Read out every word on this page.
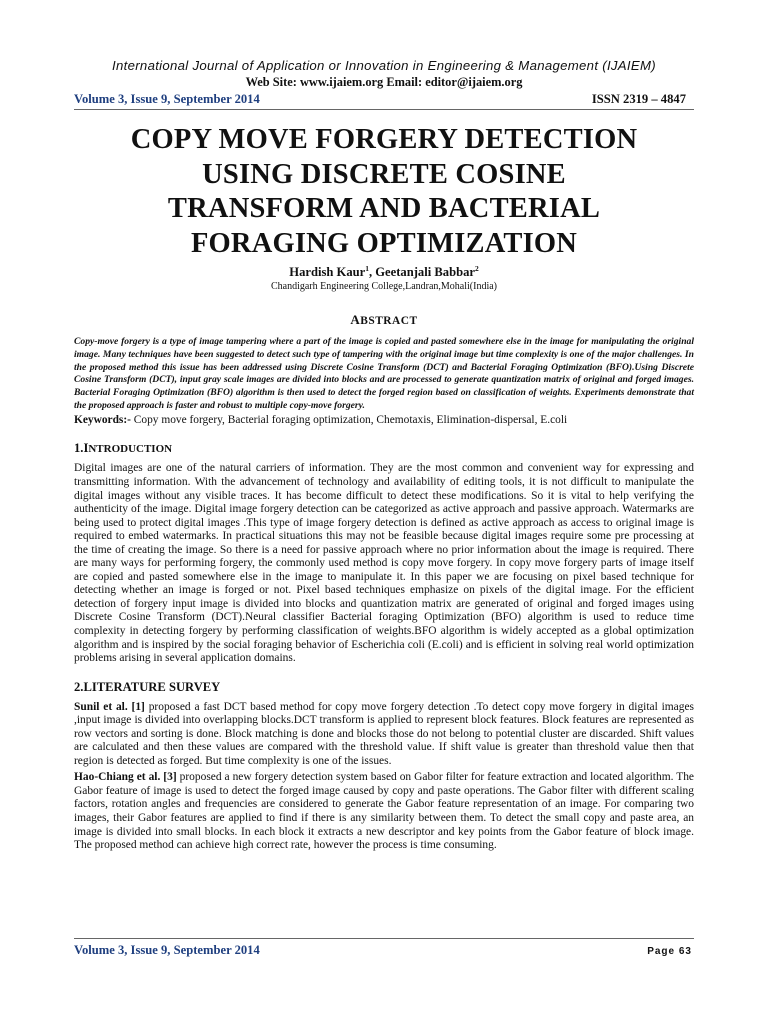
International Journal of Application or Innovation in Engineering & Management (IJAIEM)

Web Site: www.ijaiem.org Email: editor@ijaiem.org
Volume 3, Issue 9, September 2014	ISSN 2319 – 4847
COPY MOVE FORGERY DETECTION
USING DISCRETE COSINE
TRANSFORM AND BACTERIAL
FORAGING OPTIMIZATION
Hardish Kaur$^1$, Geetanjali Babbar$^2$
Chandigarh Engineering College,Landran,Mohali(India)
ABSTRACT
Copy-move forgery is a type of image tampering where a part of the image is copied and pasted somewhere else in the image for manipulating the original image. Many techniques have been suggested to detect such type of tampering with the original image but time complexity is one of the major challenges. In the proposed method this issue has been addressed using Discrete Cosine Transform (DCT) and Bacterial Foraging Optimization (BFO).Using Discrete Cosine Transform (DCT), input gray scale images are divided into blocks and are processed to generate quantization matrix of original and forged images. Bacterial Foraging Optimization (BFO) algorithm is then used to detect the forged region based on classification of weights. Experiments demonstrate that the proposed approach is faster and robust to multiple copy-move forgery.
Keywords:- Copy move forgery, Bacterial foraging optimization, Chemotaxis, Elimination-dispersal, E.coli
1.INTRODUCTION

Digital images are one of the natural carriers of information. They are the most common and convenient way for expressing and transmitting information. With the advancement of technology and availability of editing tools, it is not difficult to manipulate the digital images without any visible traces. It has become difficult to detect these modifications. So it is vital to help verifying the authenticity of the image. Digital image forgery detection can be categorized as active approach and passive approach. Watermarks are being used to protect digital images .This type of image forgery detection is defined as active approach as access to original image is required to embed watermarks. In practical situations this may not be feasible because digital images require some pre processing at the time of creating the image. So there is a need for passive approach where no prior information about the image is required. There are many ways for performing forgery, the commonly used method is copy move forgery. In copy move forgery parts of image itself are copied and pasted somewhere else in the image to manipulate it. In this paper we are focusing on pixel based technique for detecting whether an image is forged or not. Pixel based techniques emphasize on pixels of the digital image. For the efficient detection of forgery input image is divided into blocks and quantization matrix are generated of original and forged images using Discrete Cosine Transform (DCT).Neural classifier Bacterial foraging Optimization (BFO) algorithm is used to reduce time complexity in detecting forgery by performing classification of weights.BFO algorithm is widely accepted as a global optimization algorithm and is inspired by the social foraging behavior of Escherichia coli (E.coli) and is efficient in solving real world optimization problems arising in several application domains.

2.LITERATURE SURVEY

Sunil et al. [1] proposed a fast DCT based method for copy move forgery detection .To detect copy move forgery in digital images ,input image is divided into overlapping blocks.DCT transform is applied to represent block features. Block features are represented as row vectors and sorting is done. Block matching is done and blocks those do not belong to potential cluster are discarded. Shift values are calculated and then these values are compared with the threshold value. If shift value is greater than threshold value then that region is detected as forged. But time complexity is one of the issues.

Hao-Chiang et al. [3] proposed a new forgery detection system based on Gabor filter for feature extraction and located algorithm. The Gabor feature of image is used to detect the forged image caused by copy and paste operations. The Gabor filter with different scaling factors, rotation angles and frequencies are considered to generate the Gabor feature representation of an image. For comparing two images, their Gabor features are applied to find if there is any similarity between them. To detect the small copy and paste area, an image is divided into small blocks. In each block it extracts a new descriptor and key points from the Gabor feature of block image. The proposed method can achieve high correct rate, however the process is time consuming.

Volume 3, Issue 9, September 2014	Page 63
